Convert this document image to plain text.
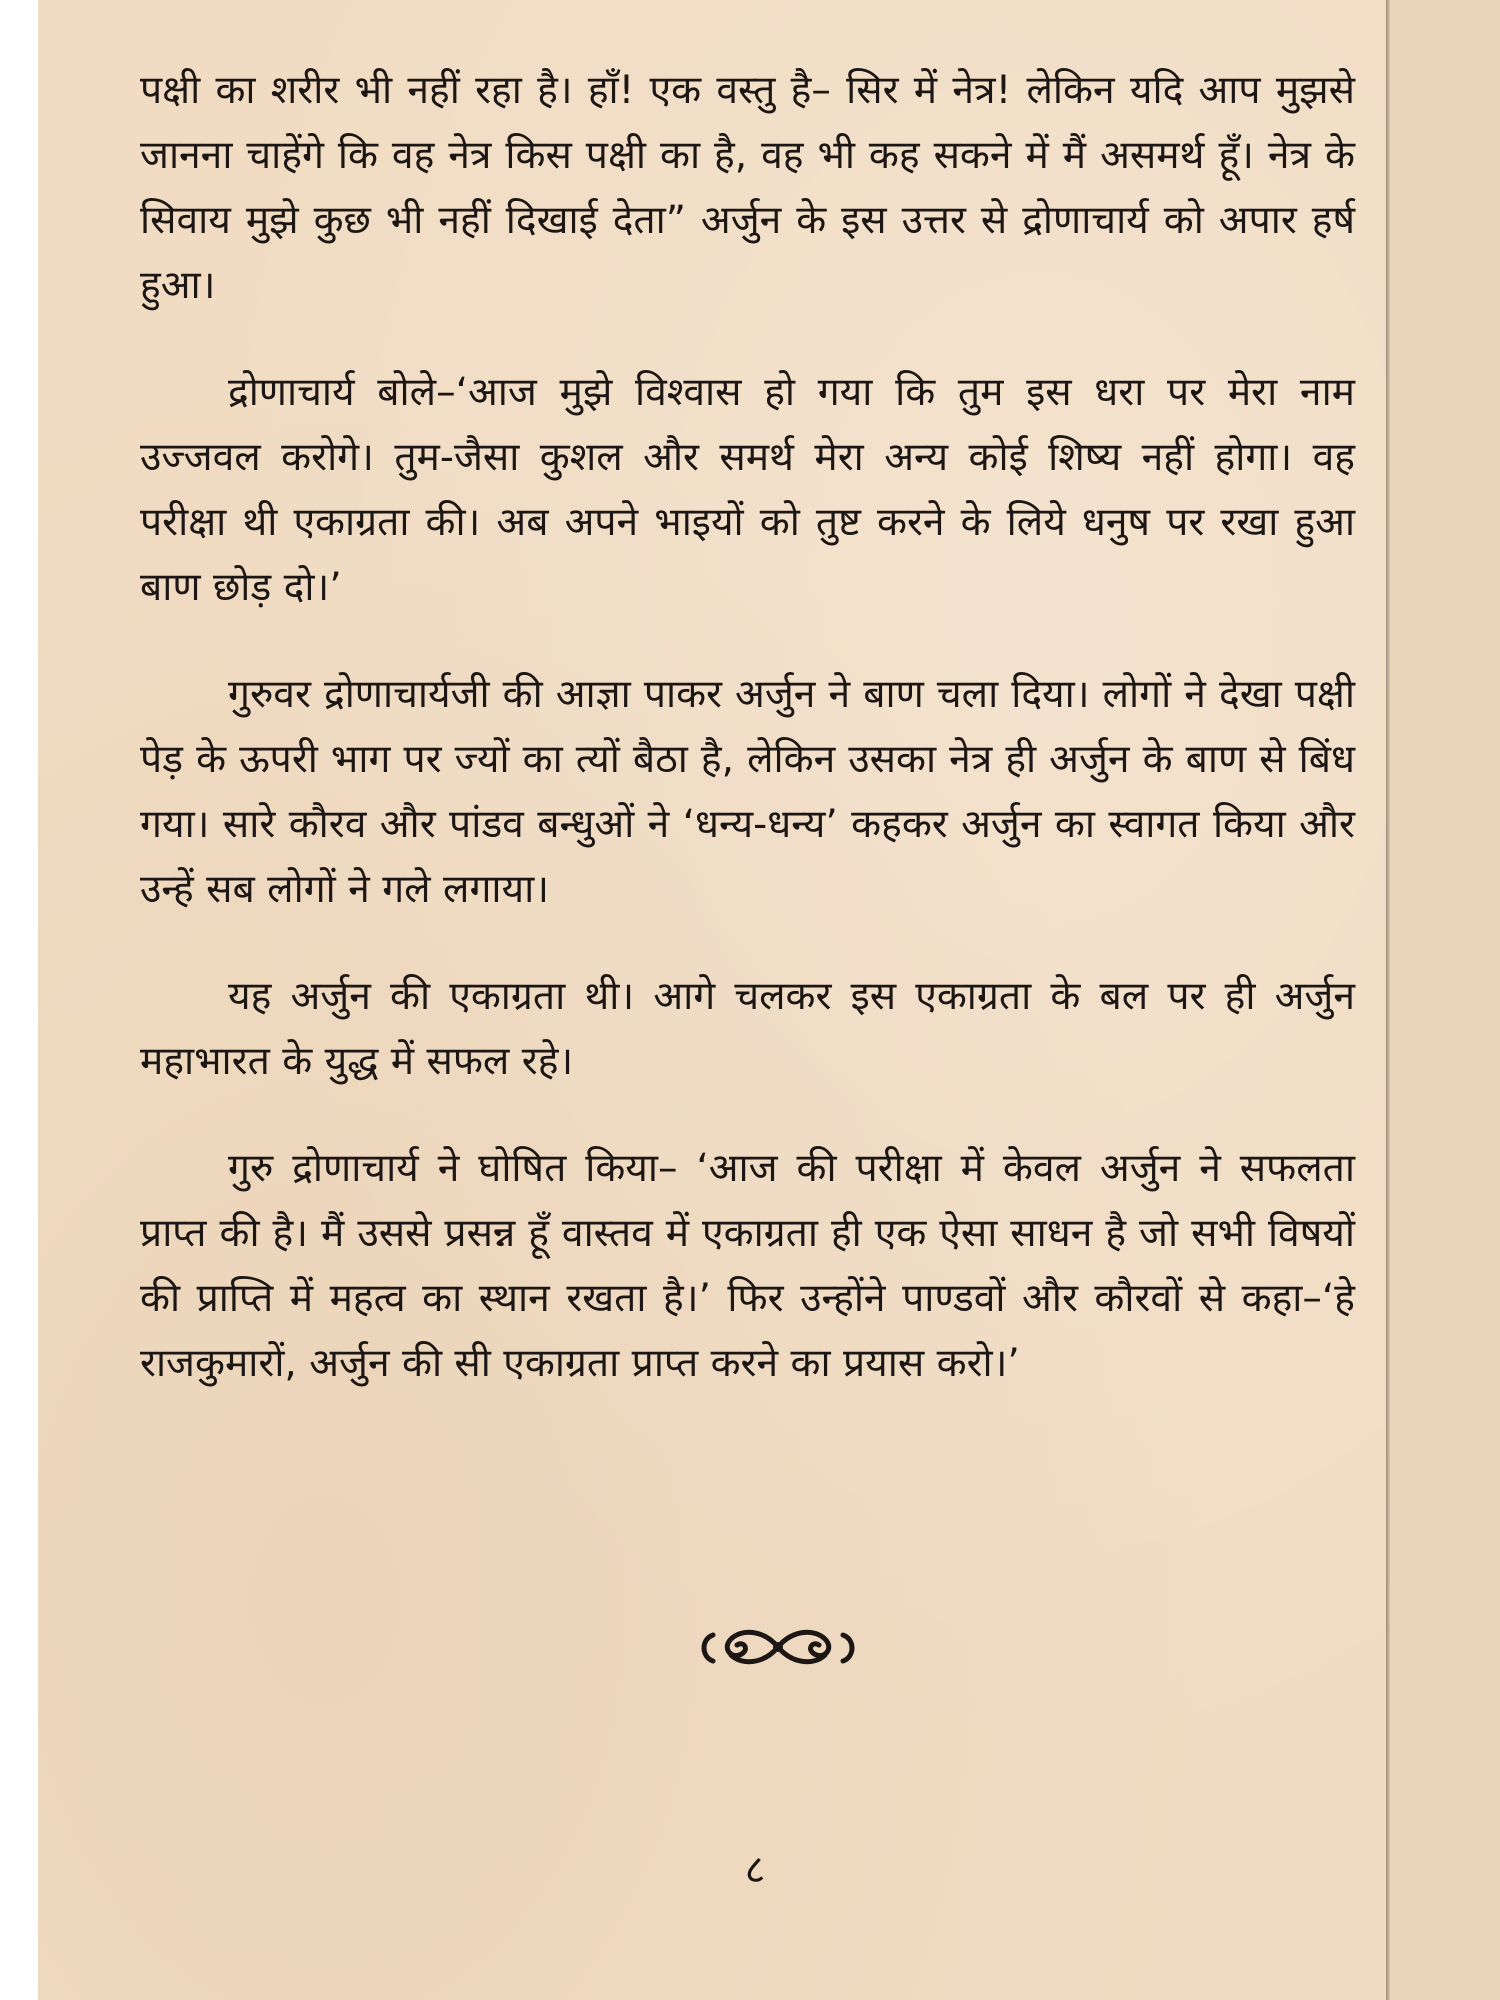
८

पक्षी का शरीर भी नहीं रहा है। हाँ! एक वस्तु है– सिर में नेत्र! लेकिन यदि आप मुझसे जानना चाहेंगे कि वह नेत्र किस पक्षी का है, वह भी कह सकने में मैं असमर्थ हूँ। नेत्र के सिवाय मुझे कुछ भी नहीं दिखाई देता” अर्जुन के इस उत्तर से द्रोणाचार्य को अपार हर्ष हुआ।

द्रोणाचार्य बोले–‘आज मुझे विश्वास हो गया कि तुम इस धरा पर मेरा नाम उज्जवल करोगे। तुम-जैसा कुशल और समर्थ मेरा अन्य कोई शिष्य नहीं होगा। वह परीक्षा थी एकाग्रता की। अब अपने भाइयों को तुष्ट करने के लिये धनुष पर रखा हुआ बाण छोड़ दो।’

गुरुवर द्रोणाचार्यजी की आज्ञा पाकर अर्जुन ने बाण चला दिया। लोगों ने देखा पक्षी पेड़ के ऊपरी भाग पर ज्यों का त्यों बैठा है, लेकिन उसका नेत्र ही अर्जुन के बाण से बिंध गया। सारे कौरव और पांडव बन्धुओं ने ‘धन्य-धन्य’ कहकर अर्जुन का स्वागत किया और उन्हें सब लोगों ने गले लगाया।

यह अर्जुन की एकाग्रता थी। आगे चलकर इस एकाग्रता के बल पर ही अर्जुन महाभारत के युद्ध में सफल रहे।

गुरु द्रोणाचार्य ने घोषित किया– ‘आज की परीक्षा में केवल अर्जुन ने सफलता प्राप्त की है। मैं उससे प्रसन्न हूँ वास्तव में एकाग्रता ही एक ऐसा साधन है जो सभी विषयों की प्राप्ति में महत्व का स्थान रखता है।’ फिर उन्होंने पाण्डवों और कौरवों से कहा–‘हे राजकुमारों, अर्जुन की सी एकाग्रता प्राप्त करने का प्रयास करो।’
